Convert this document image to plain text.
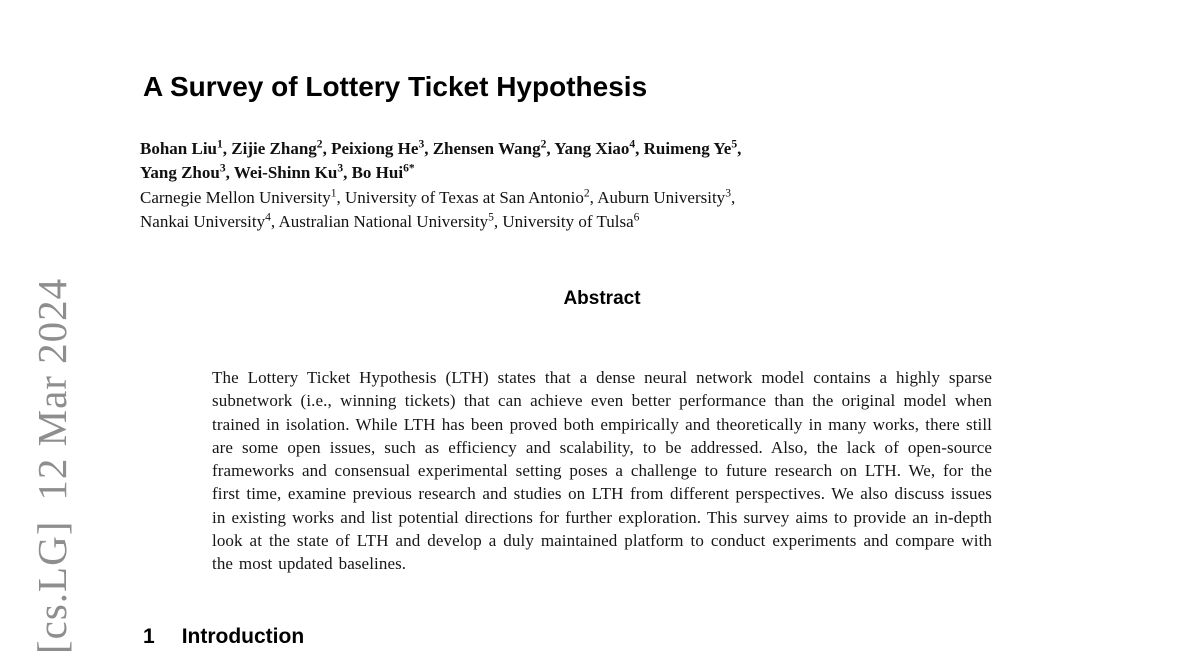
[cs.LG]12 Mar 2024
A Survey of Lottery Ticket Hypothesis
Bohan Liu$^1$, Zijie Zhang$^2$, Peixiong He$^3$, Zhensen Wang$^2$, Yang Xiao$^4$, Ruimeng Ye$^5$,
Yang Zhou$^3$, Wei-Shinn Ku$^3$, Bo Hui$^{6*}$
Carnegie Mellon University$^1$, University of Texas at San Antonio$^2$, Auburn University$^3$,
Nankai University$^4$, Australian National University$^5$, University of Tulsa$^6$
Abstract

The Lottery Ticket Hypothesis (LTH) states that a dense neural network model contains a highly sparse subnetwork (i.e., winning tickets) that can achieve even better performance than the original model when trained in isolation. While LTH has been proved both empirically and theoretically in many works, there still are some open issues, such as efficiency and scalability, to be addressed. Also, the lack of open-source frameworks and consensual experimental setting poses a challenge to future research on LTH. We, for the first time, examine previous research and studies on LTH from different perspectives. We also discuss issues in existing works and list potential directions for further exploration. This survey aims to provide an in-depth look at the state of LTH and develop a duly maintained platform to conduct experiments and compare with the most updated baselines.

1 Introduction
